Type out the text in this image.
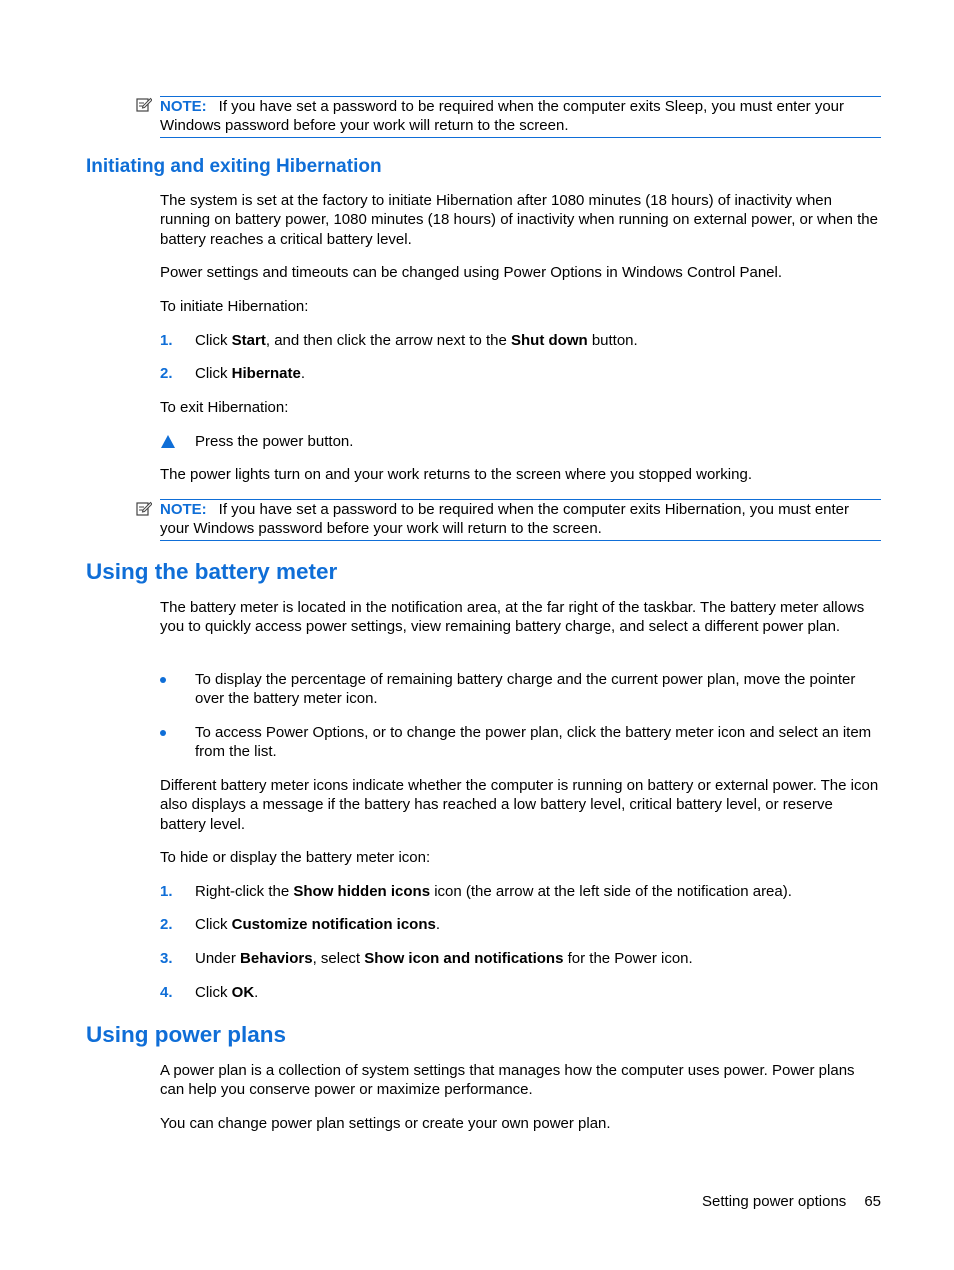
NOTE: If you have set a password to be required when the computer exits Sleep, you must enter your Windows password before your work will return to the screen.
Initiating and exiting Hibernation

The system is set at the factory to initiate Hibernation after 1080 minutes (18 hours) of inactivity when running on battery power, 1080 minutes (18 hours) of inactivity when running on external power, or when the battery reaches a critical battery level.

Power settings and timeouts can be changed using Power Options in Windows Control Panel.

To initiate Hibernation:

1. Click Start, and then click the arrow next to the Shut down button.
2. Click Hibernate.

To exit Hibernation:

Press the power button.

The power lights turn on and your work returns to the screen where you stopped working.

NOTE: If you have set a password to be required when the computer exits Hibernation, you must enter your Windows password before your work will return to the screen.
Using the battery meter

The battery meter is located in the notification area, at the far right of the taskbar. The battery meter allows you to quickly access power settings, view remaining battery charge, and select a different power plan.

To display the percentage of remaining battery charge and the current power plan, move the pointer over the battery meter icon.
To access Power Options, or to change the power plan, click the battery meter icon and select an item from the list.

Different battery meter icons indicate whether the computer is running on battery or external power. The icon also displays a message if the battery has reached a low battery level, critical battery level, or reserve battery level.

To hide or display the battery meter icon:

1. Right-click the Show hidden icons icon (the arrow at the left side of the notification area).
2. Click Customize notification icons.
3. Under Behaviors, select Show icon and notifications for the Power icon.
4. Click OK.
Using power plans

A power plan is a collection of system settings that manages how the computer uses power. Power plans can help you conserve power or maximize performance.

You can change power plan settings or create your own power plan.

Setting power options 65
